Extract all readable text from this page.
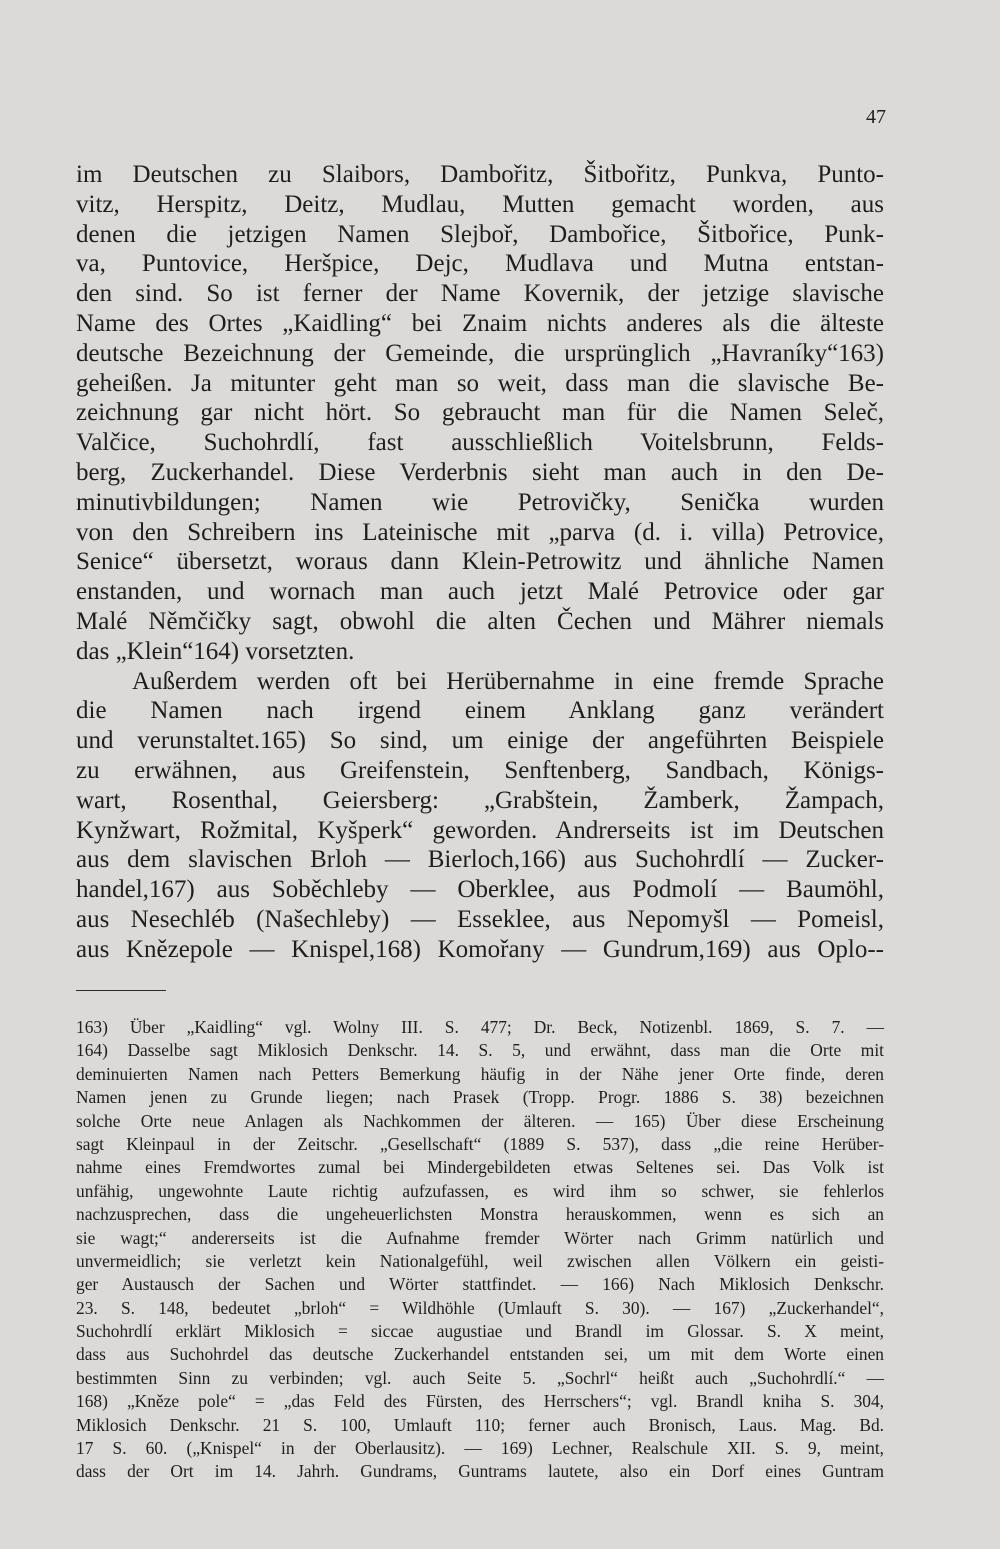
47
im Deutschen zu Slaibors, Dambořitz, Šitbořitz, Punkva, Punto-
vitz, Herspitz, Deitz, Mudlau, Mutten gemacht worden, aus
denen die jetzigen Namen Slejboř, Dambořice, Šitbořice, Punk-
va, Puntovice, Heršpice, Dejc, Mudlava und Mutna entstan-
den sind. So ist ferner der Name Kovernik, der jetzige slavische
Name des Ortes „Kaidling“ bei Znaim nichts anderes als die älteste
deutsche Bezeichnung der Gemeinde, die ursprünglich „Havraníky“163)
geheißen. Ja mitunter geht man so weit, dass man die slavische Be-
zeichnung gar nicht hört. So gebraucht man für die Namen Seleč,
Valčice, Suchohrdlí, fast ausschließlich Voitelsbrunn, Felds-
berg, Zuckerhandel. Diese Verderbnis sieht man auch in den De-
minutivbildungen; Namen wie Petrovičky, Senička wurden
von den Schreibern ins Lateinische mit „parva (d. i. villa) Petrovice,
Senice“ übersetzt, woraus dann Klein-Petrowitz und ähnliche Namen
enstanden, und wornach man auch jetzt Malé Petrovice oder gar
Malé Němčičky sagt, obwohl die alten Čechen und Mährer niemals
das „Klein“164) vorsetzten.
Außerdem werden oft bei Herübernahme in eine fremde Sprache
die Namen nach irgend einem Anklang ganz verändert
und verunstaltet.165) So sind, um einige der angeführten Beispiele
zu erwähnen, aus Greifenstein, Senftenberg, Sandbach, Königs-
wart, Rosenthal, Geiersberg: „Grabštein, Žamberk, Žampach,
Kynžwart, Rožmital, Kyšperk“ geworden. Andrerseits ist im Deutschen
aus dem slavischen Brloh — Bierloch,166) aus Suchohrdlí — Zucker-
handel,167) aus Soběchleby — Oberklee, aus Podmolí — Baumöhl,
aus Nesechléb (Našechleby) — Esseklee, aus Nepomyšl — Pomeisl,
aus Knězepole — Knispel,168) Komořany — Gundrum,169) aus Oplo--
163) Über „Kaidling“ vgl. Wolny III. S. 477; Dr. Beck, Notizenbl. 1869, S. 7. —
164) Dasselbe sagt Miklosich Denkschr. 14. S. 5, und erwähnt, dass man die Orte mit
deminuierten Namen nach Petters Bemerkung häufig in der Nähe jener Orte finde, deren
Namen jenen zu Grunde liegen; nach Prasek (Tropp. Progr. 1886 S. 38) bezeichnen
solche Orte neue Anlagen als Nachkommen der älteren. — 165) Über diese Erscheinung
sagt Kleinpaul in der Zeitschr. „Gesellschaft“ (1889 S. 537), dass „die reine Herüber-
nahme eines Fremdwortes zumal bei Mindergebildeten etwas Seltenes sei. Das Volk ist
unfähig, ungewohnte Laute richtig aufzufassen, es wird ihm so schwer, sie fehlerlos
nachzusprechen, dass die ungeheuerlichsten Monstra herauskommen, wenn es sich an
sie wagt;“ andererseits ist die Aufnahme fremder Wörter nach Grimm natürlich und
unvermeidlich; sie verletzt kein Nationalgefühl, weil zwischen allen Völkern ein geisti-
ger Austausch der Sachen und Wörter stattfindet. — 166) Nach Miklosich Denkschr.
23. S. 148, bedeutet „brloh“ = Wildhöhle (Umlauft S. 30). — 167) „Zuckerhandel“,
Suchohrdlí erklärt Miklosich = siccae augustiae und Brandl im Glossar. S. X meint,
dass aus Suchohrdel das deutsche Zuckerhandel entstanden sei, um mit dem Worte einen
bestimmten Sinn zu verbinden; vgl. auch Seite 5. „Sochrl“ heißt auch „Suchohrdlí.“ —
168) „Kněze pole“ = „das Feld des Fürsten, des Herrschers“; vgl. Brandl kniha S. 304,
Miklosich Denkschr. 21 S. 100, Umlauft 110; ferner auch Bronisch, Laus. Mag. Bd.
17 S. 60. („Knispel“ in der Oberlausitz). — 169) Lechner, Realschule XII. S. 9, meint,
dass der Ort im 14. Jahrh. Gundrams, Guntrams lautete, also ein Dorf eines Guntram
